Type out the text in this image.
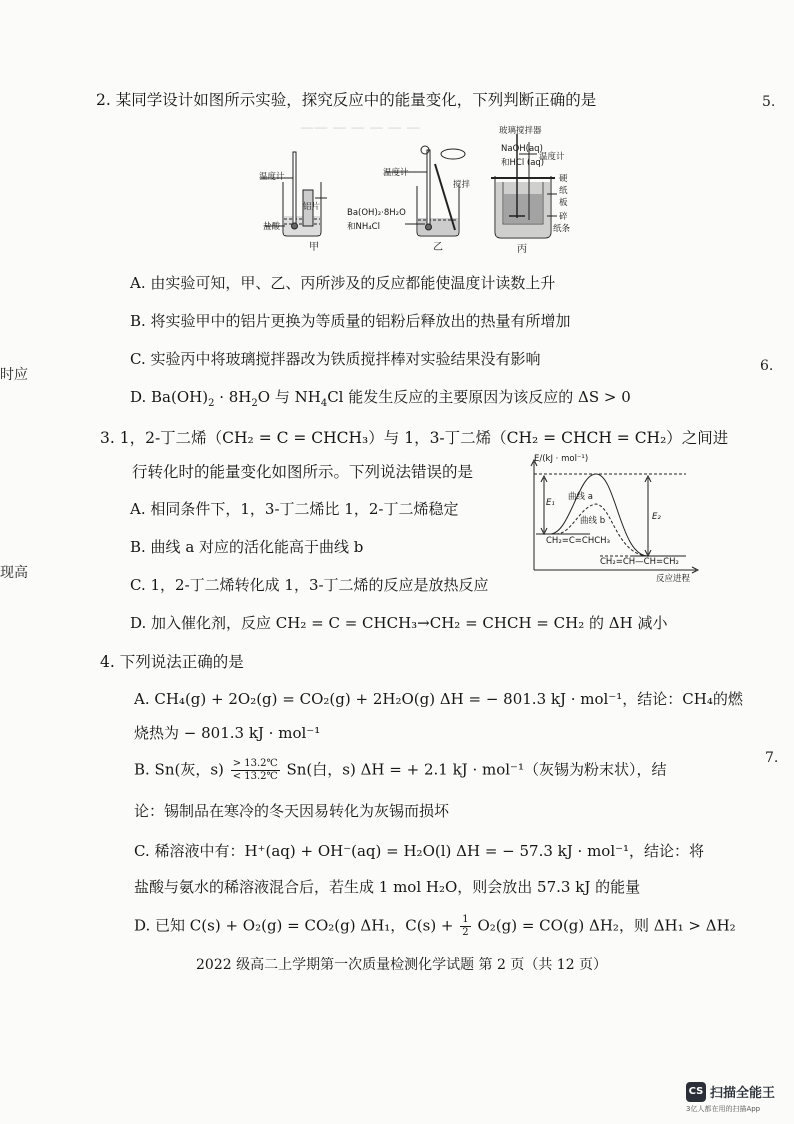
—— — — — — —
5.
6.
7.
时应
现高
2. 某同学设计如图所示实验，探究反应中的能量变化，下列判断正确的是
温度计
铝片
盐酸
甲
温度计
搅拌
Ba(OH)₂·8H₂O
和NH₄Cl
乙
玻璃搅拌器
NaOH(aq)
和HCl (aq)
温度计
硬
纸
板
碎
纸条
丙
A. 由实验可知，甲、乙、丙所涉及的反应都能使温度计读数上升
B. 将实验甲中的铝片更换为等质量的铝粉后释放出的热量有所增加
C. 实验丙中将玻璃搅拌器改为铁质搅拌棒对实验结果没有影响
D. $Ba(OH)_2 \cdot 8H_2O$ 与 $NH_4Cl$ 能发生反应的主要原因为该反应的 ΔS > 0
3. 1，2-丁二烯（CH₂ = C = CHCH₃）与 1，3-丁二烯（CH₂ = CHCH = CH₂）之间进
行转化时的能量变化如图所示。下列说法错误的是
A. 相同条件下，1，3-丁二烯比 1，2-丁二烯稳定
B. 曲线 a 对应的活化能高于曲线 b
C. 1，2-丁二烯转化成 1，3-丁二烯的反应是放热反应
D. 加入催化剂，反应 CH₂ = C = CHCH₃→CH₂ = CHCH = CH₂ 的 ΔH 减小
E/(kJ · mol⁻¹)
曲线 a
曲线 b
E₁
E₂
CH₂=C=CHCH₃
CH₂=CH—CH=CH₂
反应进程
4. 下列说法正确的是
A. CH₄(g) + 2O₂(g) = CO₂(g) + 2H₂O(g) ΔH = − 801.3 kJ · mol⁻¹，结论：CH₄的燃
烧热为 − 801.3 kJ · mol⁻¹
B. Sn(灰，$s) \frac{> 13.2℃}{< 13.2℃} Sn$(白，s) ΔH = + 2.1 kJ · mol⁻¹（灰锡为粉末状），结
论：锡制品在寒冷的冬天因易转化为灰锡而损坏
C. 稀溶液中有：H⁺(aq) + OH⁻(aq) = H₂O(l) ΔH = − 57.3 kJ · mol⁻¹，结论：将
盐酸与氨水的稀溶液混合后，若生成 1 mol H₂O，则会放出 57.3 kJ 的能量
D. 已知 C(s) + O₂(g) = CO₂(g) ΔH₁，$C(s) + \frac{1}{2} O_2(g) = CO(g)$ ΔH₂，则 ΔH₁ > ΔH₂
2022 级高二上学期第一次质量检测化学试题 第 2 页（共 12 页）
CS 扫描全能王
3亿人都在用的扫描App
